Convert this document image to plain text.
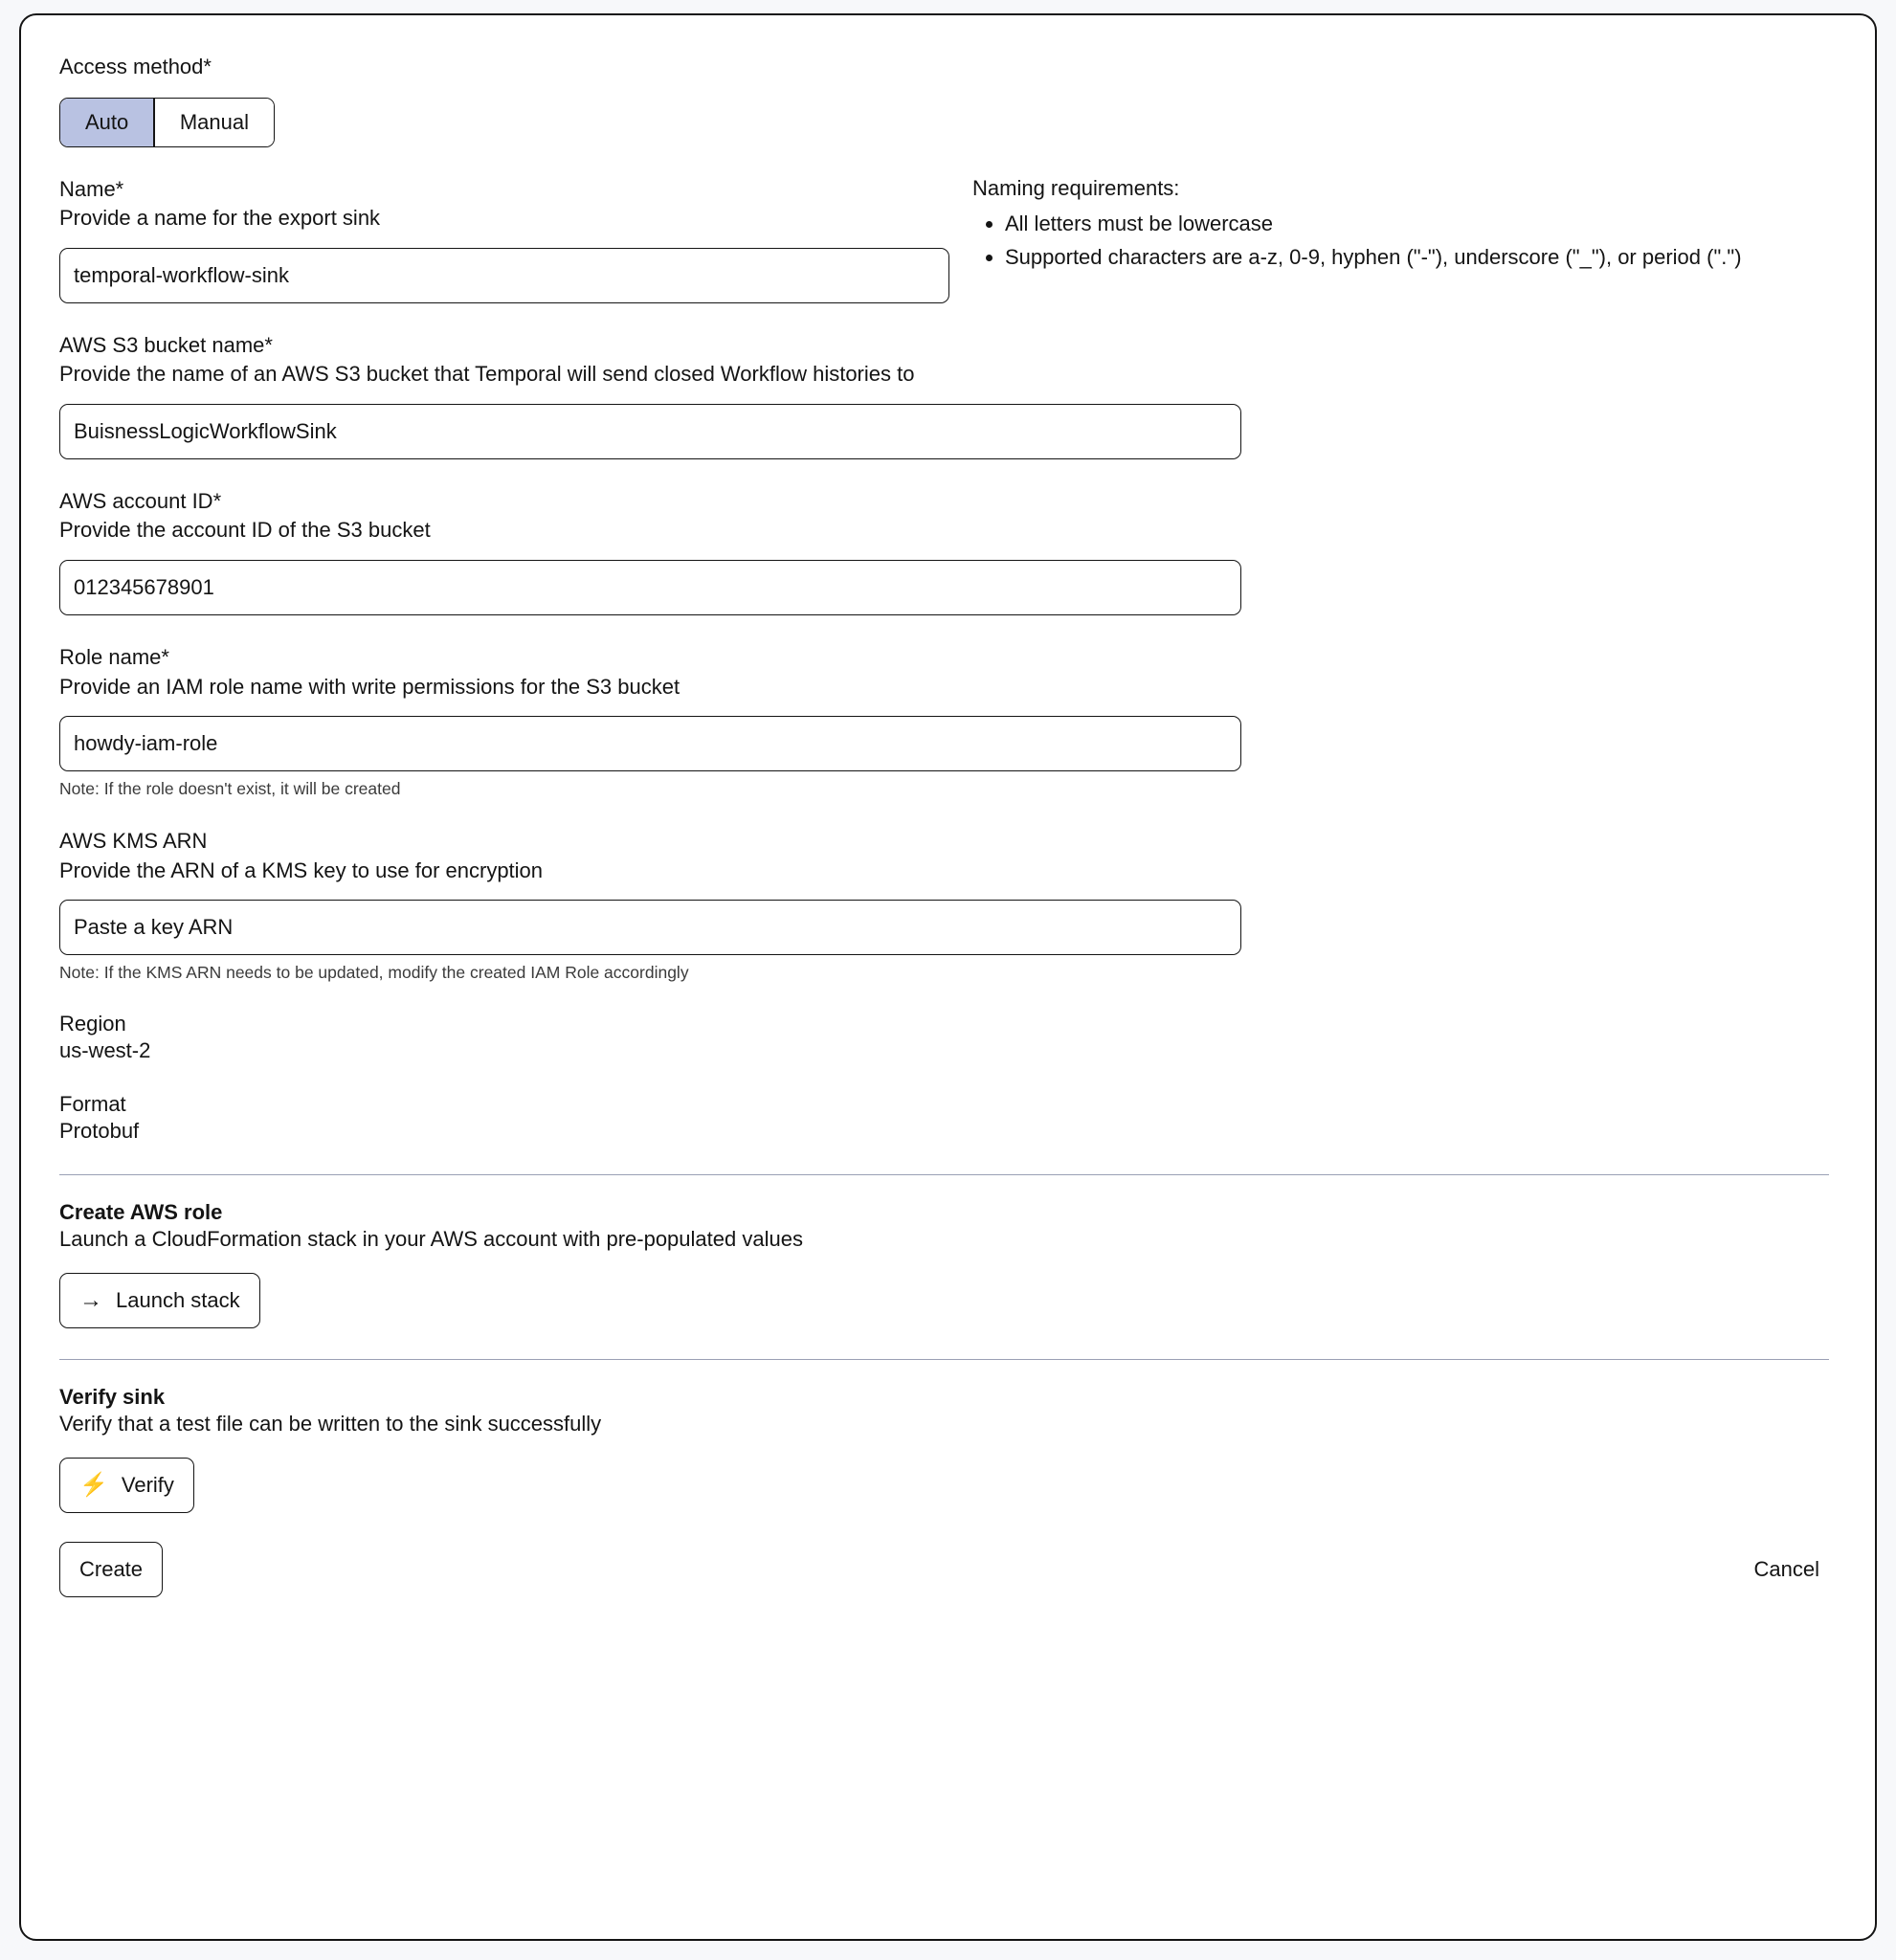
Access method*
Auto	Manual
Name*
Provide a name for the export sink
temporal-workflow-sink
Naming requirements:
• All letters must be lowercase
• Supported characters are a-z, 0-9, hyphen ("-"), underscore ("_"), or period (".")
AWS S3 bucket name*
Provide the name of an AWS S3 bucket that Temporal will send closed Workflow histories to
BuisnessLogicWorkflowSink
AWS account ID*
Provide the account ID of the S3 bucket
012345678901
Role name*
Provide an IAM role name with write permissions for the S3 bucket
howdy-iam-role
Note: If the role doesn't exist, it will be created
AWS KMS ARN
Provide the ARN of a KMS key to use for encryption
Paste a key ARN
Note: If the KMS ARN needs to be updated, modify the created IAM Role accordingly
Region
us-west-2
Format
Protobuf
Create AWS role
Launch a CloudFormation stack in your AWS account with pre-populated values
→ Launch stack
Verify sink
Verify that a test file can be written to the sink successfully
⚡ Verify
Create	Cancel
